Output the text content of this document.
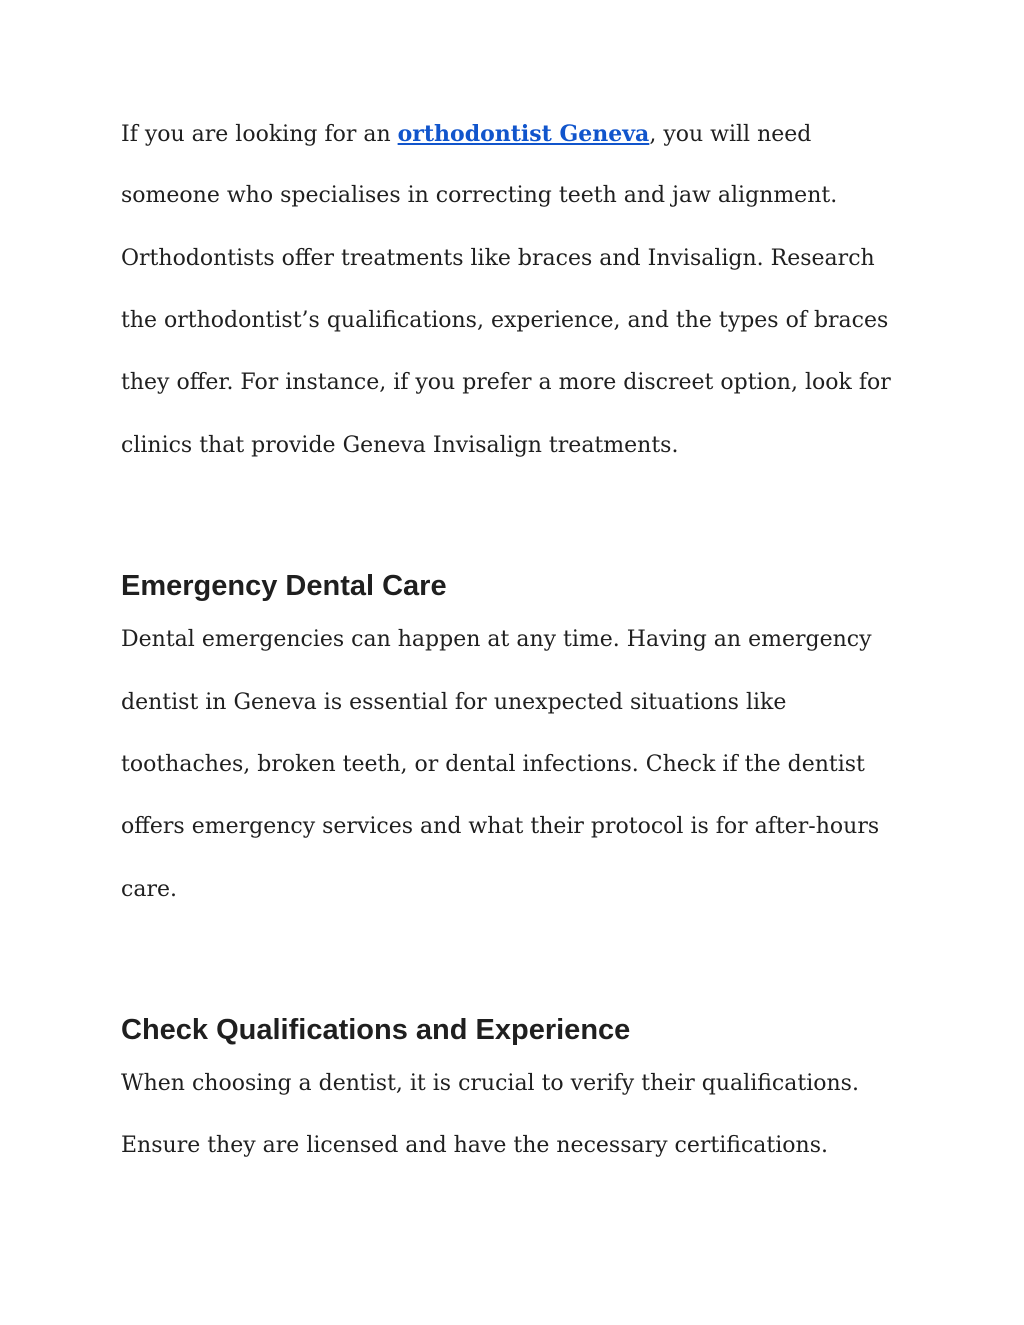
If you are looking for an orthodontist Geneva, you will need
someone who specialises in correcting teeth and jaw alignment.
Orthodontists offer treatments like braces and Invisalign. Research
the orthodontist’s qualifications, experience, and the types of braces
they offer. For instance, if you prefer a more discreet option, look for
clinics that provide Geneva Invisalign treatments.
Emergency Dental Care
Dental emergencies can happen at any time. Having an emergency
dentist in Geneva is essential for unexpected situations like
toothaches, broken teeth, or dental infections. Check if the dentist
offers emergency services and what their protocol is for after-hours
care.
Check Qualifications and Experience
When choosing a dentist, it is crucial to verify their qualifications.
Ensure they are licensed and have the necessary certifications.
